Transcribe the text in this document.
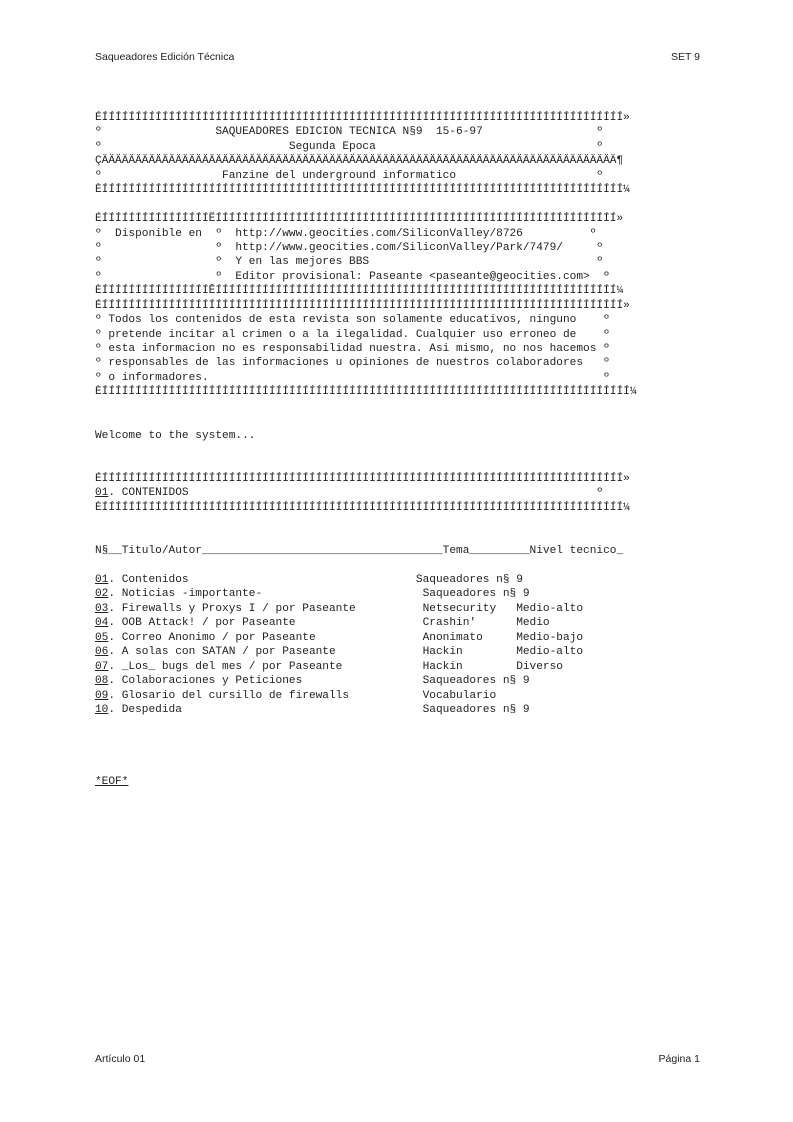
Saqueadores Edición Técnica	SET 9
ÉÍÍÍÍÍÍÍÍÍÍÍÍÍÍÍÍÍÍÍÍÍÍÍÍÍÍÍÍÍÍÍÍÍÍÍÍÍÍÍÍÍÍÍÍÍÍÍÍÍÍÍÍÍÍÍÍÍÍÍÍÍÍÍÍÍÍÍÍÍÍÍÍÍÍÍÍÍÍ»
º                 SAQUEADORES EDICION TECNICA N§9  15-6-97                 º
º                            Segunda Epoca                                 º
ÇÄÄÄÄÄÄÄÄÄÄÄÄÄÄÄÄÄÄÄÄÄÄÄÄÄÄÄÄÄÄÄÄÄÄÄÄÄÄÄÄÄÄÄÄÄÄÄÄÄÄÄÄÄÄÄÄÄÄÄÄÄÄÄÄÄÄÄÄÄÄÄÄÄÄÄÄÄ¶
º                  Fanzine del underground informatico                     º
ÈÍÍÍÍÍÍÍÍÍÍÍÍÍÍÍÍÍÍÍÍÍÍÍÍÍÍÍÍÍÍÍÍÍÍÍÍÍÍÍÍÍÍÍÍÍÍÍÍÍÍÍÍÍÍÍÍÍÍÍÍÍÍÍÍÍÍÍÍÍÍÍÍÍÍÍÍÍÍ¼
ÉÍÍÍÍÍÍÍÍÍÍÍÍÍÍÍÍËÍÍÍÍÍÍÍÍÍÍÍÍÍÍÍÍÍÍÍÍÍÍÍÍÍÍÍÍÍÍÍÍÍÍÍÍÍÍÍÍÍÍÍÍÍÍÍÍÍÍÍÍÍÍÍÍÍÍÍÍ»
º  Disponible en  º  http://www.geocities.com/SiliconValley/8726          º
º                 º  http://www.geocities.com/SiliconValley/Park/7479/     º
º                 º  Y en las mejores BBS                                  º
º                 º  Editor provisional: Paseante <paseante@geocities.com>  º
ÈÍÍÍÍÍÍÍÍÍÍÍÍÍÍÍÍÊÍÍÍÍÍÍÍÍÍÍÍÍÍÍÍÍÍÍÍÍÍÍÍÍÍÍÍÍÍÍÍÍÍÍÍÍÍÍÍÍÍÍÍÍÍÍÍÍÍÍÍÍÍÍÍÍÍÍÍÍ¼
ÉÍÍÍÍÍÍÍÍÍÍÍÍÍÍÍÍÍÍÍÍÍÍÍÍÍÍÍÍÍÍÍÍÍÍÍÍÍÍÍÍÍÍÍÍÍÍÍÍÍÍÍÍÍÍÍÍÍÍÍÍÍÍÍÍÍÍÍÍÍÍÍÍÍÍÍÍÍÍ»
º Todos los contenidos de esta revista son solamente educativos, ninguno    º
º pretende incitar al crimen o a la ilegalidad. Cualquier uso erroneo de    º
º esta informacion no es responsabilidad nuestra. Asi mismo, no nos hacemos º
º responsables de las informaciones u opiniones de nuestros colaboradores   º
º o informadores.                                                           º
ÈÍÍÍÍÍÍÍÍÍÍÍÍÍÍÍÍÍÍÍÍÍÍÍÍÍÍÍÍÍÍÍÍÍÍÍÍÍÍÍÍÍÍÍÍÍÍÍÍÍÍÍÍÍÍÍÍÍÍÍÍÍÍÍÍÍÍÍÍÍÍÍÍÍÍÍÍÍÍÍ¼
Welcome to the system...
ÉÍÍÍÍÍÍÍÍÍÍÍÍÍÍÍÍÍÍÍÍÍÍÍÍÍÍÍÍÍÍÍÍÍÍÍÍÍÍÍÍÍÍÍÍÍÍÍÍÍÍÍÍÍÍÍÍÍÍÍÍÍÍÍÍÍÍÍÍÍÍÍÍÍÍÍÍÍÍ»
01. CONTENIDOS                                                             º
ÈÍÍÍÍÍÍÍÍÍÍÍÍÍÍÍÍÍÍÍÍÍÍÍÍÍÍÍÍÍÍÍÍÍÍÍÍÍÍÍÍÍÍÍÍÍÍÍÍÍÍÍÍÍÍÍÍÍÍÍÍÍÍÍÍÍÍÍÍÍÍÍÍÍÍÍÍÍÍ¼
N§__Titulo/Autor____________________________________Tema_________Nivel tecnico_
01. Contenidos                                  Saqueadores n§ 9
02. Noticias -importante-                        Saqueadores n§ 9
03. Firewalls y Proxys I / por Paseante          Netsecurity   Medio-alto
04. OOB Attack! / por Paseante                   Crashin'      Medio
05. Correo Anonimo / por Paseante                Anonimato     Medio-bajo
06. A solas con SATAN / por Paseante             Hackin        Medio-alto
07. _Los_ bugs del mes / por Paseante            Hackin        Diverso
08. Colaboraciones y Peticiones                  Saqueadores n§ 9
09. Glosario del cursillo de firewalls           Vocabulario
10. Despedida                                    Saqueadores n§ 9
*EOF*
Artículo 01	Página 1
